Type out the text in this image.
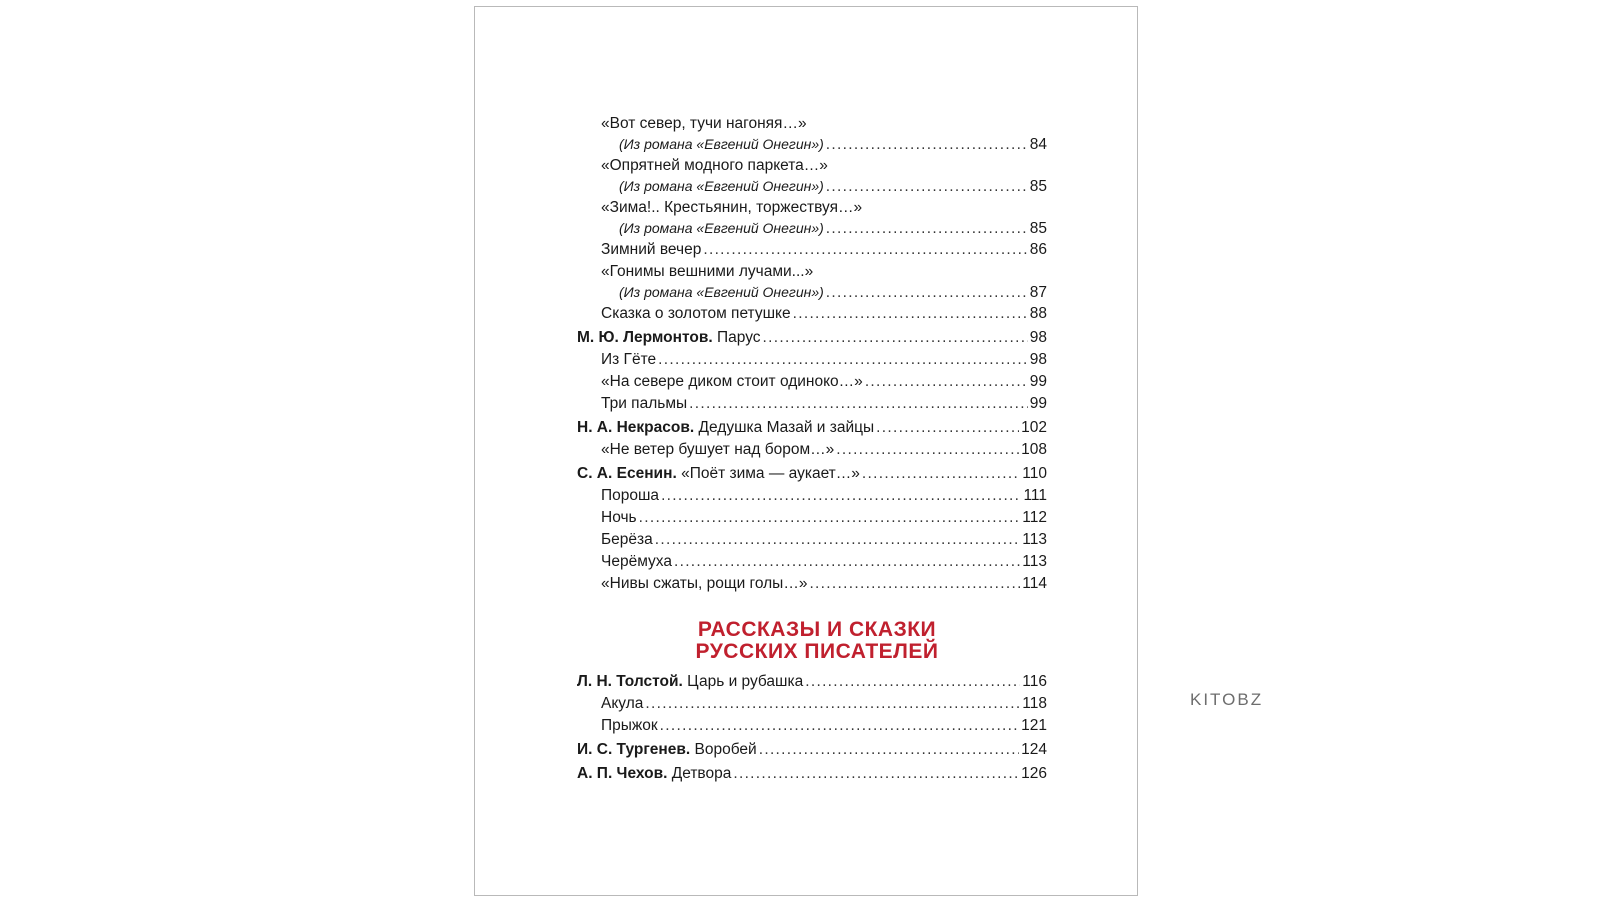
«Вот север, тучи нагоняя…»
(Из романа «Евгений Онегин») . . .	84
«Опрятней модного паркета…»
(Из романа «Евгений Онегин») . . .	85
«Зима!.. Крестьянин, торжествуя…»
(Из романа «Евгений Онегин») . . .	85
Зимний вечер . . .	86
«Гонимы вешними лучами...»
(Из романа «Евгений Онегин») . . .	87
Сказка о золотом петушке . . .	88
М. Ю. Лермонтов. Парус . . .	98
Из Гёте . . .	98
«На севере диком стоит одиноко…» . . .	99
Три пальмы . . .	99
Н. А. Некрасов. Дедушка Мазай и зайцы . . .	102
«Не ветер бушует над бором…» . . .	108
С. А. Есенин. «Поёт зима — аукает…» . . .	110
Пороша . . .	111
Ночь . . .	112
Берёза . . .	113
Черёмуха . . .	113
«Нивы сжаты, рощи голы…» . . .	114
РАССКАЗЫ И СКАЗКИ
РУССКИХ ПИСАТЕЛЕЙ
Л. Н. Толстой. Царь и рубашка . . .	116
Акула . . .	118
Прыжок . . .	121
И. С. Тургенев. Воробей . . .	124
А. П. Чехов. Детвора . . .	126
KITOBZ
